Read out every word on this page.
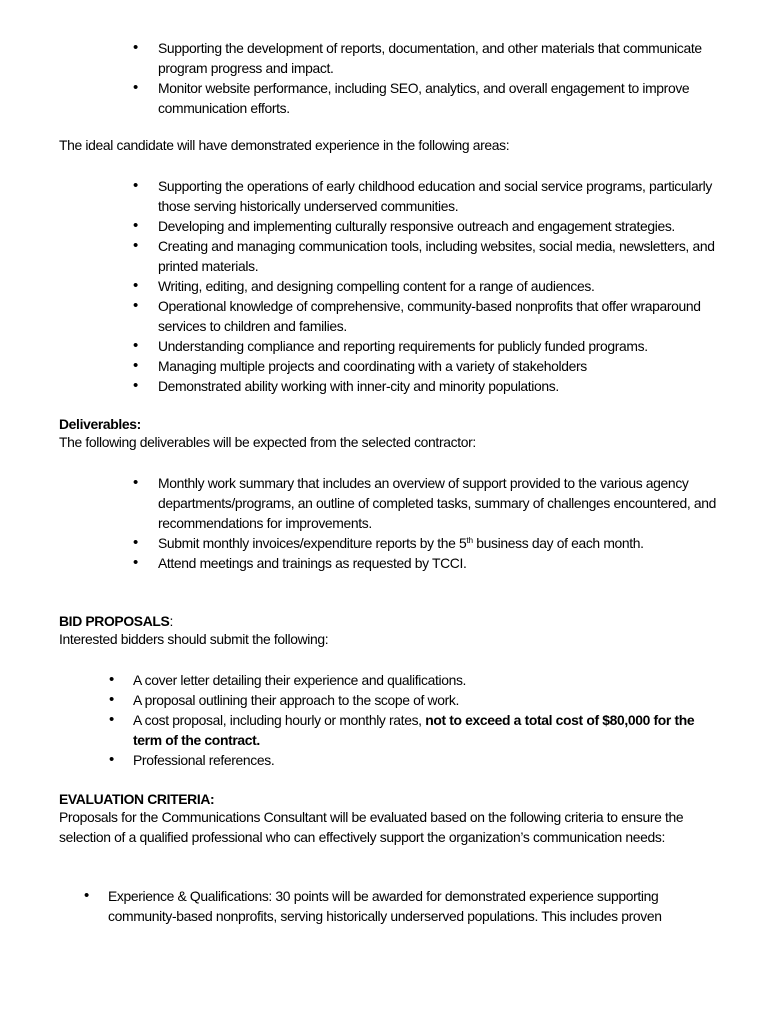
• Supporting the development of reports, documentation, and other materials that communicate program progress and impact.
• Monitor website performance, including SEO, analytics, and overall engagement to improve communication efforts.
The ideal candidate will have demonstrated experience in the following areas:
• Supporting the operations of early childhood education and social service programs, particularly those serving historically underserved communities.
• Developing and implementing culturally responsive outreach and engagement strategies.
• Creating and managing communication tools, including websites, social media, newsletters, and printed materials.
• Writing, editing, and designing compelling content for a range of audiences.
• Operational knowledge of comprehensive, community-based nonprofits that offer wraparound services to children and families.
• Understanding compliance and reporting requirements for publicly funded programs.
• Managing multiple projects and coordinating with a variety of stakeholders
• Demonstrated ability working with inner-city and minority populations.
Deliverables:
The following deliverables will be expected from the selected contractor:
• Monthly work summary that includes an overview of support provided to the various agency departments/programs, an outline of completed tasks, summary of challenges encountered, and recommendations for improvements.
• Submit monthly invoices/expenditure reports by the 5th business day of each month.
• Attend meetings and trainings as requested by TCCI.
BID PROPOSALS:
Interested bidders should submit the following:
• A cover letter detailing their experience and qualifications.
• A proposal outlining their approach to the scope of work.
• A cost proposal, including hourly or monthly rates, not to exceed a total cost of $80,000 for the term of the contract.
• Professional references.
EVALUATION CRITERIA:
Proposals for the Communications Consultant will be evaluated based on the following criteria to ensure the selection of a qualified professional who can effectively support the organization’s communication needs:
• Experience & Qualifications: 30 points will be awarded for demonstrated experience supporting community-based nonprofits, serving historically underserved populations. This includes proven
